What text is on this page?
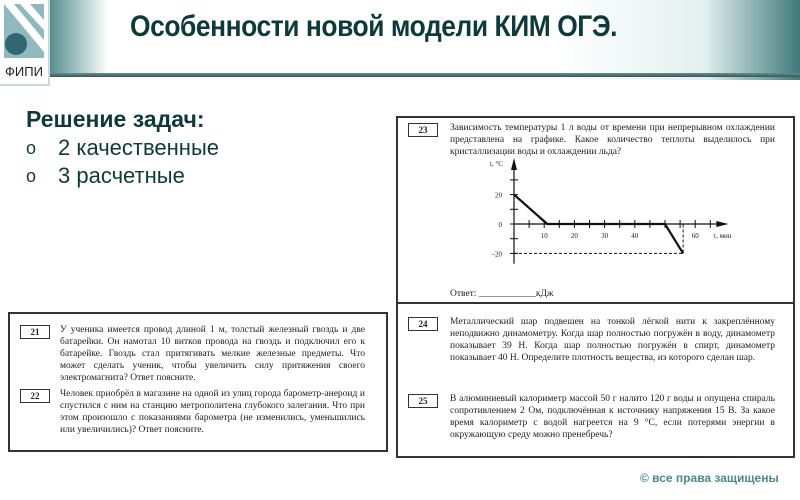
ФИПИ
Особенности новой модели КИМ ОГЭ.
Решение задач:
o 2 качественные
o 3 расчетные
21	У ученика имеется провод длиной 1 м, толстый железный гвоздь и две батарейки. Он намотал 10 витков провода на гвоздь и подключил его к батарейке. Гвоздь стал притягивать мелкие железные предметы. Что может сделать ученик, чтобы увеличить силу притяжения своего электромагнита? Ответ поясните.
22	Человек приобрёл в магазине на одной из улиц города барометр-анероид и спустился с ним на станцию метрополитена глубокого залегания. Что при этом произошло с показаниями барометра (не изменились, уменьшились или увеличились)? Ответ поясните.
23	Зависимость температуры 1 л воды от времени при непрерывном охлаждении представлена на графике. Какое количество теплоты выделилось при кристаллизации воды и охлаждении льда?
10	20	30	40	60
20
0
–20
τ, мин
t, °C
Ответ: ____________кДж
24	Металлический шар подвешен на тонкой лёгкой нити к закреплённому неподвижно динамометру. Когда шар полностью погружён в воду, динамометр показывает 39 Н. Когда шар полностью погружён в спирт, динамометр показывает 40 Н. Определите плотность вещества, из которого сделан шар.
25	В алюминиевый калориметр массой 50 г налито 120 г воды и опущена спираль сопротивлением 2 Ом, подключённая к источнику напряжения 15 В. За какое время калориметр с водой нагреется на 9 °С, если потерями энергии в окружающую среду можно пренебречь?
© все права защищены
